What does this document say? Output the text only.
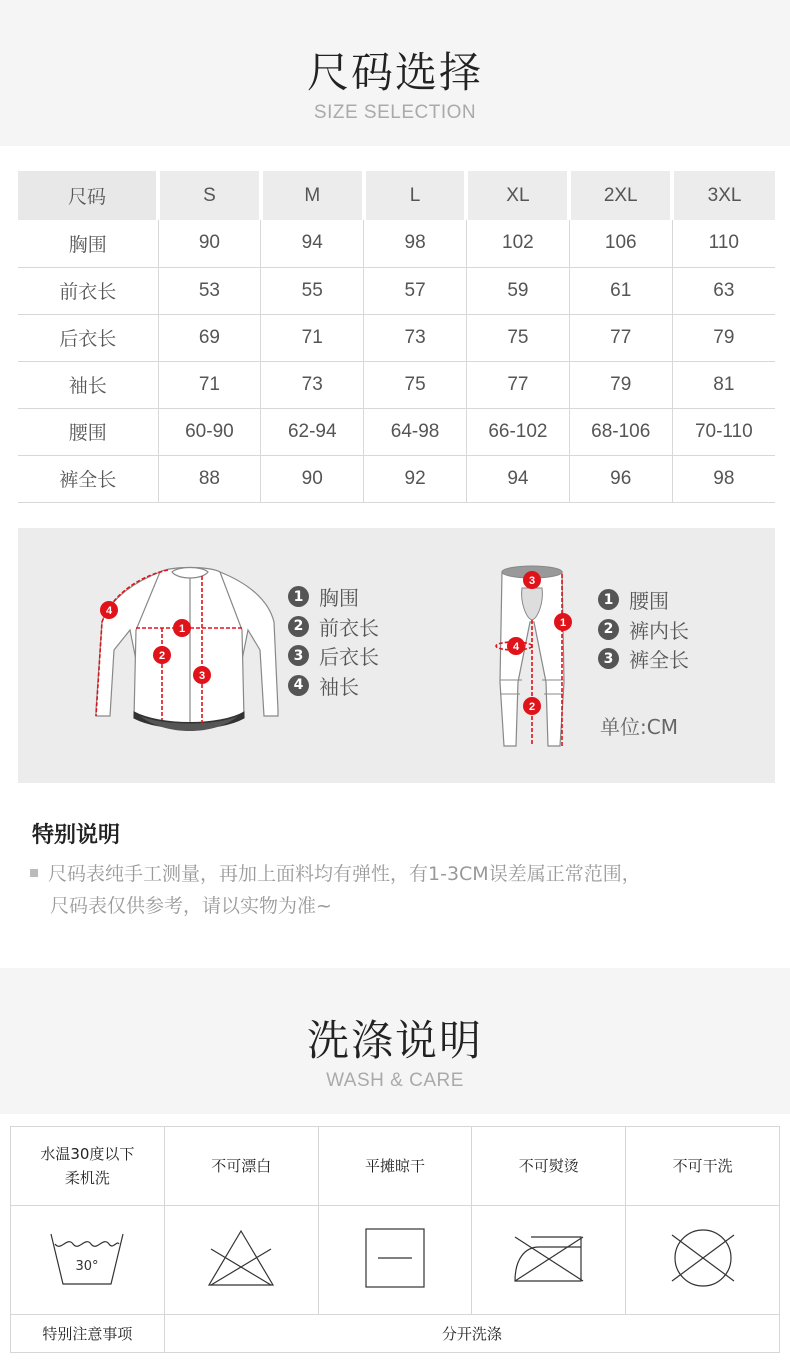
尺码选择
SIZE SELECTION
尺码	S	M	L	XL	2XL	3XL
胸围	90	94	98	102	106	110
前衣长	53	55	57	59	61	63
后衣长	69	71	73	75	77	79
袖长	71	73	75	77	79	81
腰围	60-90	62-94	64-98	66-102	68-106	70-110
裤全长	88	90	92	94	96	98
1
2
3
4
1 胸围
2 前衣长
3 后衣长
4 袖长
1
2
3
4
1 腰围
2 裤内长
3 裤全长
单位:CM
特别说明
尺码表纯手工测量，再加上面料均有弹性，有1-3CM误差属正常范围，
尺码表仅供参考，请以实物为准~
洗涤说明
WASH & CARE
水温30度以下
柔机洗	不可漂白	平摊晾干	不可熨烫	不可干洗

30°

特别注意事项	分开洗涤			
